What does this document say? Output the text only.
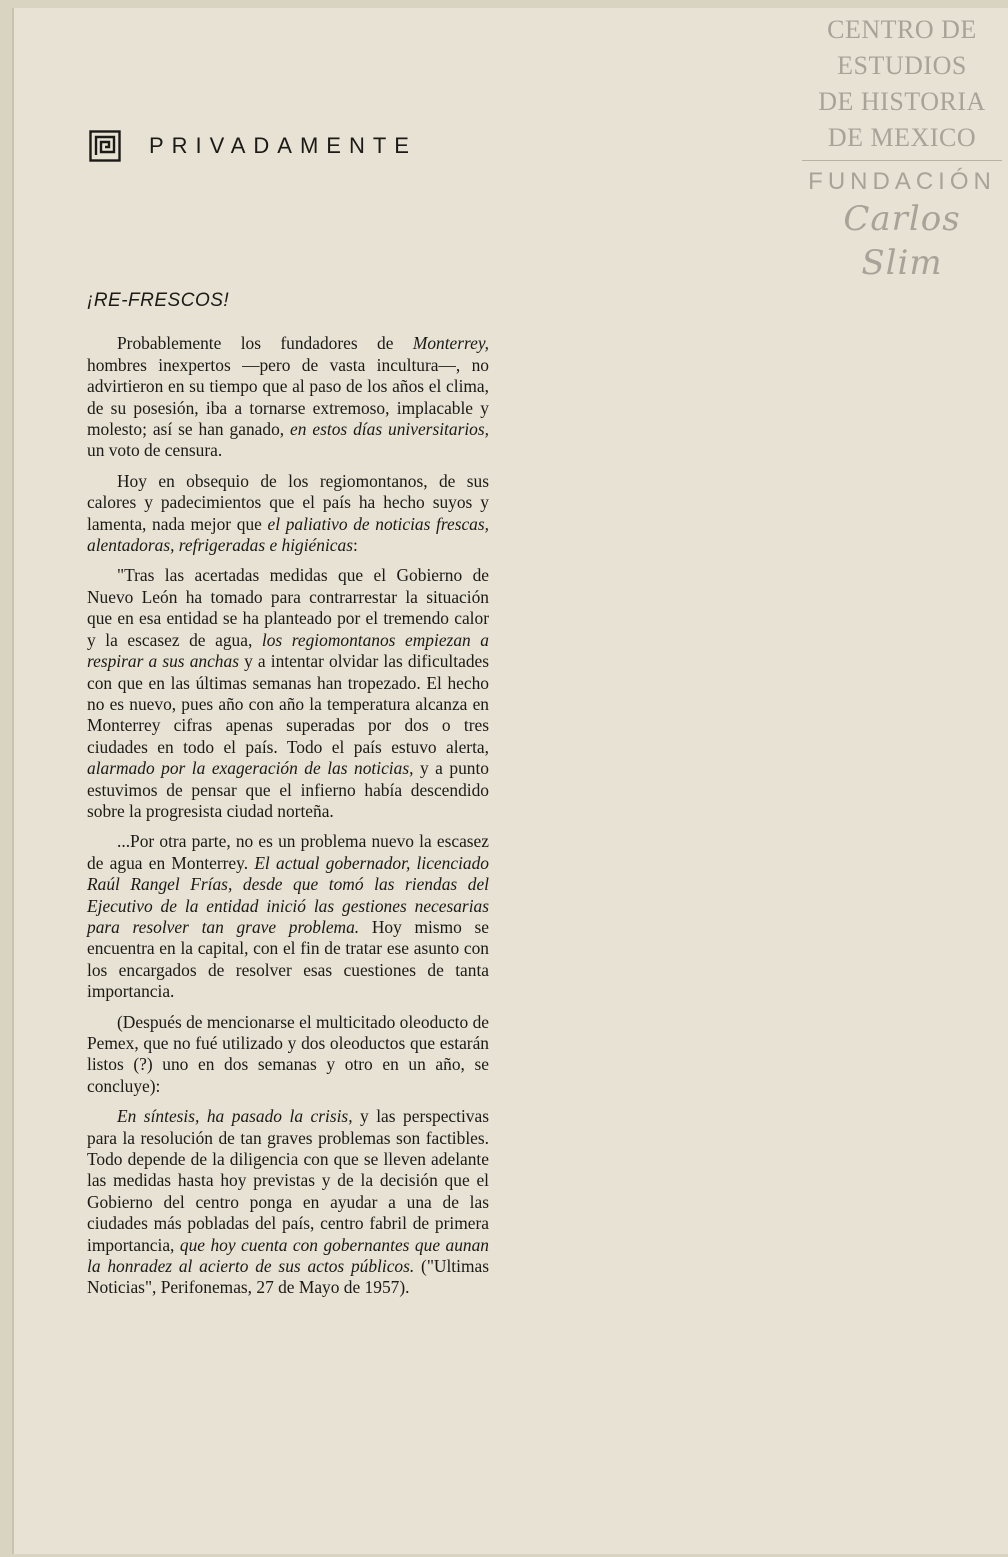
CENTRO DE
ESTUDIOS
DE HISTORIA
DE MEXICO
FUNDACIÓN
Carlos Slim
PRIVADAMENTE
¡RE-FRESCOS!

Probablemente los fundadores de Monterrey, hombres inexpertos —pero de vasta incultura—, no advirtieron en su tiempo que al paso de los años el clima, de su posesión, iba a tornarse extremoso, implacable y molesto; así se han ganado, en estos días universitarios, un voto de censura.

Hoy en obsequio de los regiomontanos, de sus calores y padecimientos que el país ha hecho suyos y lamenta, nada mejor que el paliativo de noticias frescas, alentadoras, refrigeradas e higiénicas:

"Tras las acertadas medidas que el Gobierno de Nuevo León ha tomado para contrarrestar la situación que en esa entidad se ha planteado por el tremendo calor y la escasez de agua, los regiomontanos empiezan a respirar a sus anchas y a intentar olvidar las dificultades con que en las últimas semanas han tropezado. El hecho no es nuevo, pues año con año la temperatura alcanza en Monterrey cifras apenas superadas por dos o tres ciudades en todo el país. Todo el país estuvo alerta, alarmado por la exageración de las noticias, y a punto estuvimos de pensar que el infierno había descendido sobre la progresista ciudad norteña.

...Por otra parte, no es un problema nuevo la escasez de agua en Monterrey. El actual gobernador, licenciado Raúl Rangel Frías, desde que tomó las riendas del Ejecutivo de la entidad inició las gestiones necesarias para resolver tan grave problema. Hoy mismo se encuentra en la capital, con el fin de tratar ese asunto con los encargados de resolver esas cuestiones de tanta importancia.

(Después de mencionarse el multicitado oleoducto de Pemex, que no fué utilizado y dos oleoductos que estarán listos (?) uno en dos semanas y otro en un año, se concluye):

En síntesis, ha pasado la crisis, y las perspectivas para la resolución de tan graves problemas son factibles. Todo depende de la diligencia con que se lleven adelante las medidas hasta hoy previstas y de la decisión que el Gobierno del centro ponga en ayudar a una de las ciudades más pobladas del país, centro fabril de primera importancia, que hoy cuenta con gobernantes que aunan la honradez al acierto de sus actos públicos. ("Ultimas Noticias", Perifonemas, 27 de Mayo de 1957).
